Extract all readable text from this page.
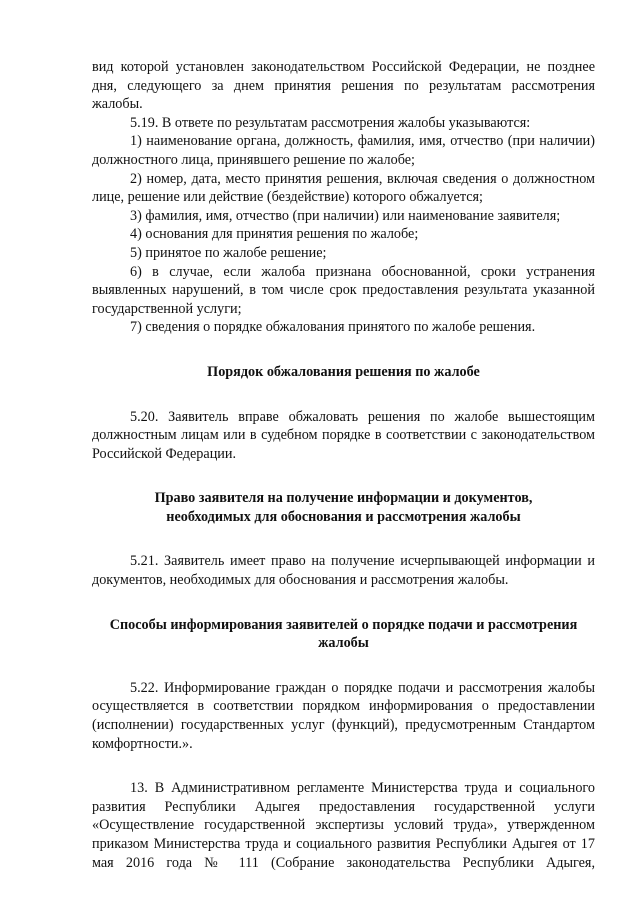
вид которой установлен законодательством Российской Федерации, не позднее дня, следующего за днем принятия решения по результатам рассмотрения жалобы.

5.19. В ответе по результатам рассмотрения жалобы указываются:

1) наименование органа, должность, фамилия, имя, отчество (при наличии) должностного лица, принявшего решение по жалобе;

2) номер, дата, место принятия решения, включая сведения о должностном лице, решение или действие (бездействие) которого обжалуется;

3) фамилия, имя, отчество (при наличии) или наименование заявителя;

4) основания для принятия решения по жалобе;

5) принятое по жалобе решение;

6) в случае, если жалоба признана обоснованной, сроки устранения выявленных нарушений, в том числе срок предоставления результата указанной государственной услуги;

7) сведения о порядке обжалования принятого по жалобе решения.

Порядок обжалования решения по жалобе

5.20. Заявитель вправе обжаловать решения по жалобе вышестоящим должностным лицам или в судебном порядке в соответствии с законодательством Российской Федерации.

Право заявителя на получение информации и документов,
необходимых для обоснования и рассмотрения жалобы

5.21. Заявитель имеет право на получение исчерпывающей информации и документов, необходимых для обоснования и рассмотрения жалобы.

Способы информирования заявителей о порядке подачи и рассмотрения
жалобы

5.22. Информирование граждан о порядке подачи и рассмотрения жалобы осуществляется в соответствии порядком информирования о предоставлении (исполнении) государственных услуг (функций), предусмотренным Стандартом комфортности.».

13. В Административном регламенте Министерства труда и социального развития Республики Адыгея предоставления государственной услуги «Осуществление государственной экспертизы условий труда», утвержденном приказом Министерства труда и социального развития Республики Адыгея от 17 мая 2016 года № 111 (Собрание законодательства Республики Адыгея,
